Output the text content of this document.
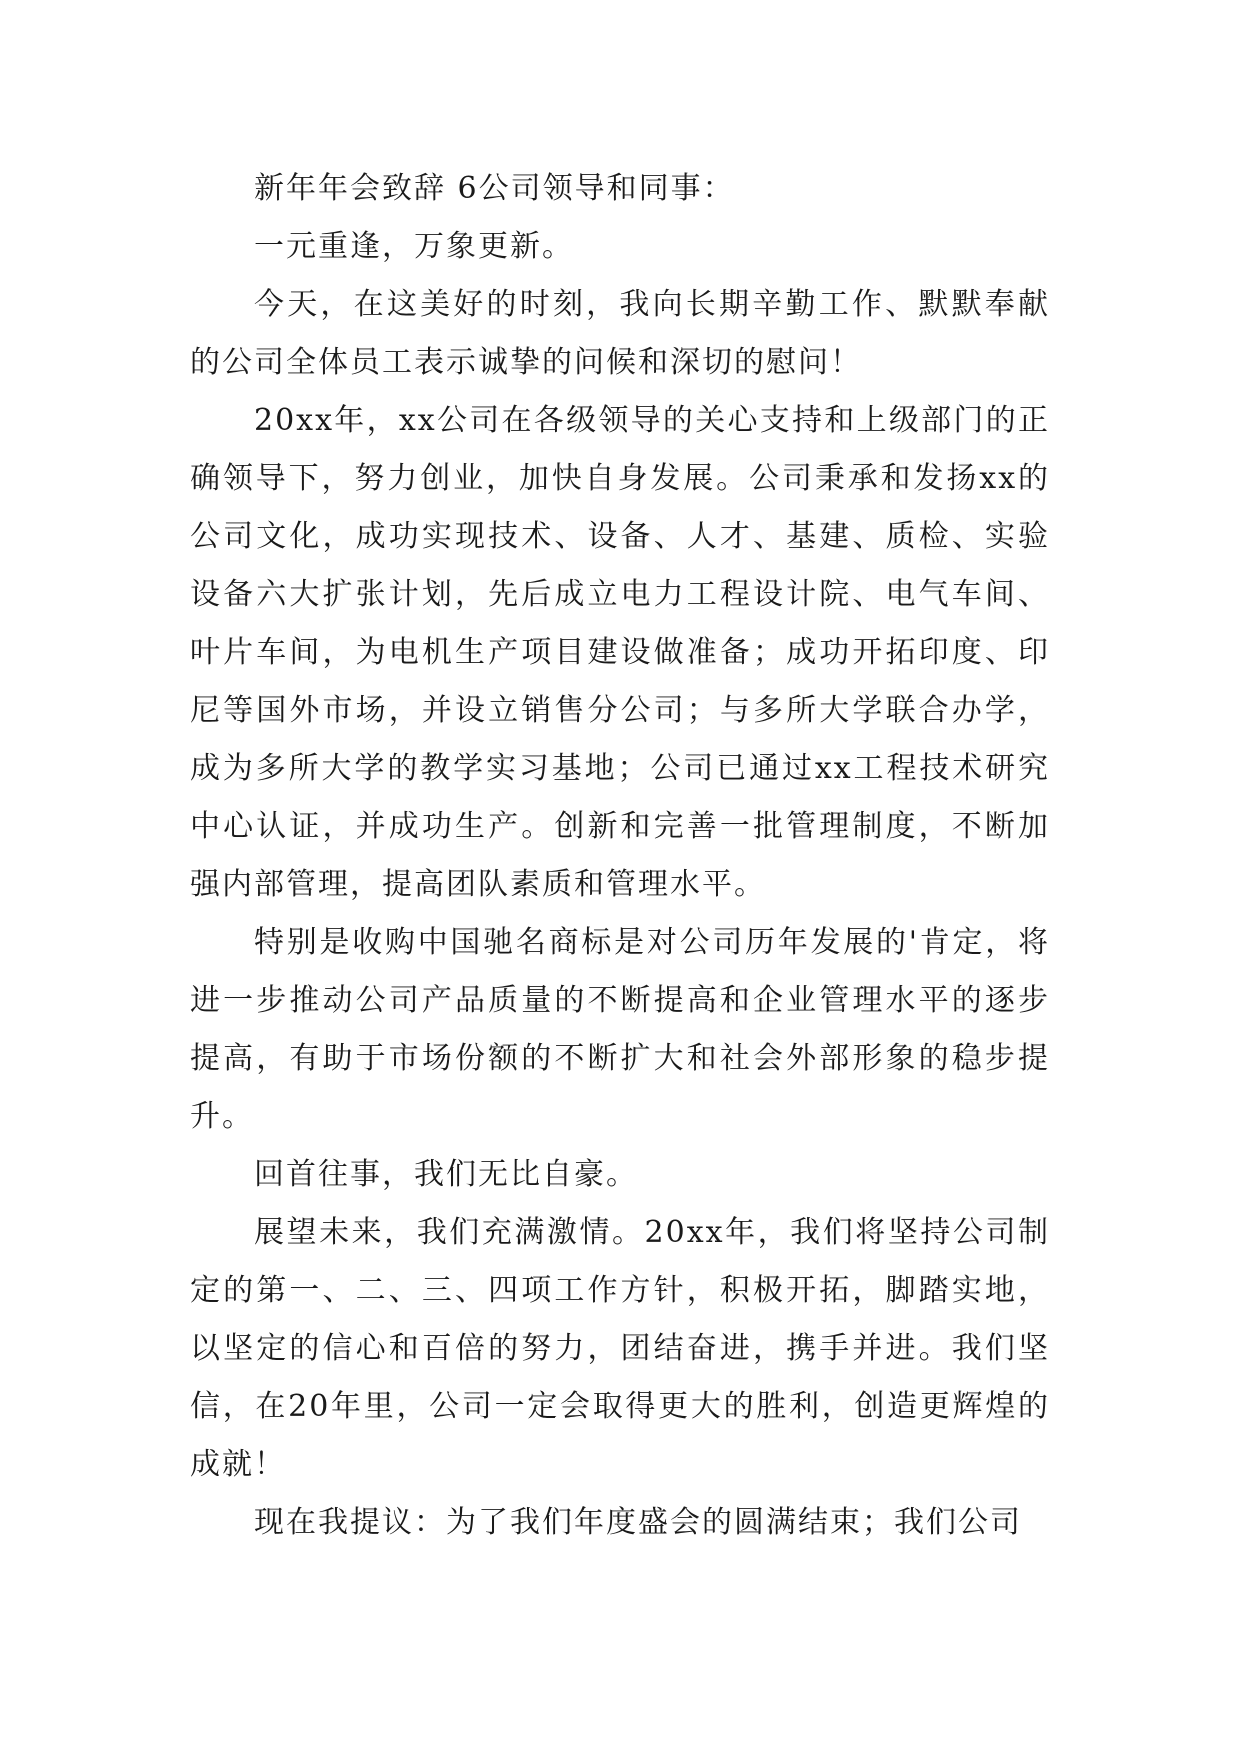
新年年会致辞 6公司领导和同事：

一元重逢，万象更新。

今天，在这美好的时刻，我向长期辛勤工作、默默奉献的公司全体员工表示诚挚的问候和深切的慰问！

20xx年，xx公司在各级领导的关心支持和上级部门的正确领导下，努力创业，加快自身发展。公司秉承和发扬xx的公司文化，成功实现技术、设备、人才、基建、质检、实验设备六大扩张计划，先后成立电力工程设计院、电气车间、叶片车间，为电机生产项目建设做准备；成功开拓印度、印尼等国外市场，并设立销售分公司；与多所大学联合办学，成为多所大学的教学实习基地；公司已通过xx工程技术研究中心认证，并成功生产。创新和完善一批管理制度，不断加强内部管理，提高团队素质和管理水平。

特别是收购中国驰名商标是对公司历年发展的'肯定，将进一步推动公司产品质量的不断提高和企业管理水平的逐步提高，有助于市场份额的不断扩大和社会外部形象的稳步提升。

回首往事，我们无比自豪。

展望未来，我们充满激情。20xx年，我们将坚持公司制定的第一、二、三、四项工作方针，积极开拓，脚踏实地，以坚定的信心和百倍的努力，团结奋进，携手并进。我们坚信，在20年里，公司一定会取得更大的胜利，创造更辉煌的成就！

现在我提议：为了我们年度盛会的圆满结束；我们公司
